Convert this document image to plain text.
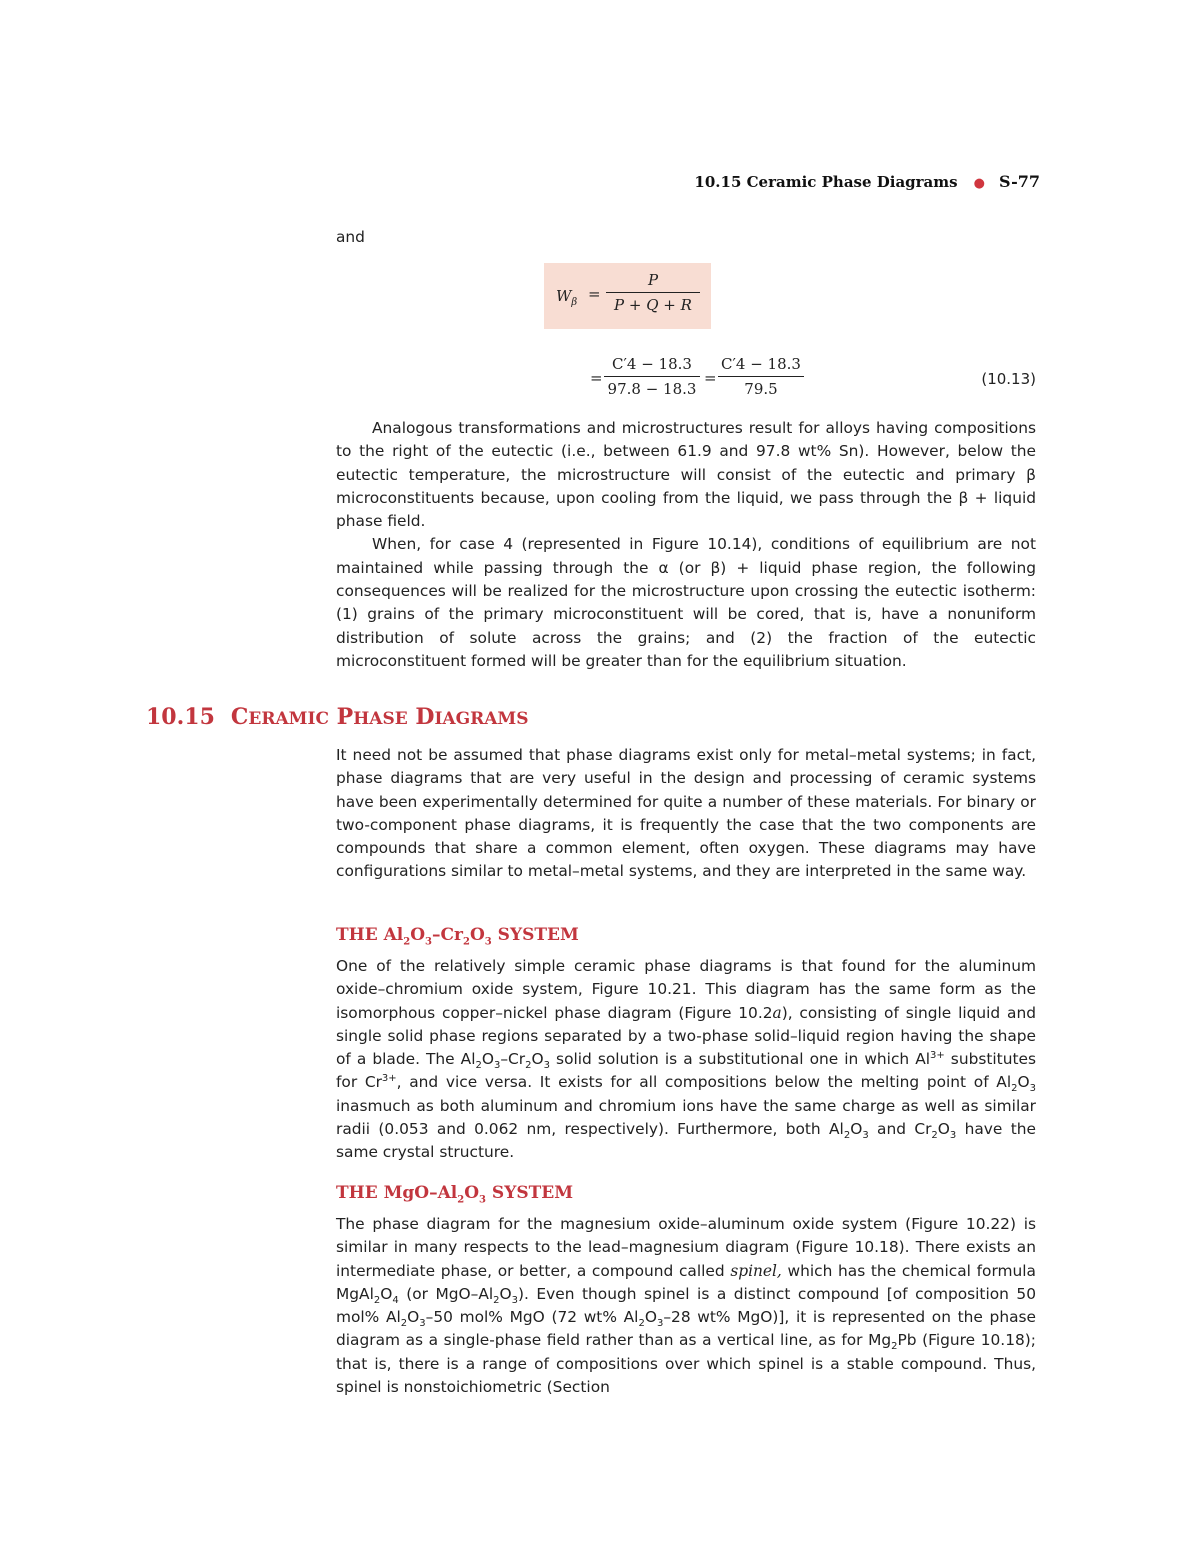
10.15 Ceramic Phase Diagrams ● S-77
and
$W_\beta = \frac{P}{P + Q + R}$
= $\frac{C'4 - 18.3}{97.8 - 18.3} = \frac{C'4 - 18.3}{79.5}$	(10.13)

Analogous transformations and microstructures result for alloys having compositions to the right of the eutectic (i.e., between 61.9 and 97.8 wt% Sn). However, below the eutectic temperature, the microstructure will consist of the eutectic and primary β microconstituents because, upon cooling from the liquid, we pass through the β + liquid phase field.

When, for case 4 (represented in Figure 10.14), conditions of equilibrium are not maintained while passing through the α (or β) + liquid phase region, the following consequences will be realized for the microstructure upon crossing the eutectic isotherm: (1) grains of the primary microconstituent will be cored, that is, have a nonuniform distribution of solute across the grains; and (2) the fraction of the eutectic microconstituent formed will be greater than for the equilibrium situation.

10.15 CERAMIC PHASE DIAGRAMS

It need not be assumed that phase diagrams exist only for metal–metal systems; in fact, phase diagrams that are very useful in the design and processing of ceramic systems have been experimentally determined for quite a number of these materials. For binary or two-component phase diagrams, it is frequently the case that the two components are compounds that share a common element, often oxygen. These diagrams may have configurations similar to metal–metal systems, and they are interpreted in the same way.

THE $Al_2O_3-Cr_2O_3$ SYSTEM

One of the relatively simple ceramic phase diagrams is that found for the aluminum oxide–chromium oxide system, Figure 10.21. This diagram has the same form as the isomorphous copper–nickel phase diagram (Figure 10.2a), consisting of single liquid and single solid phase regions separated by a two-phase solid–liquid region having the shape of a blade. The $Al_2O_3-Cr_2O_3$ solid solution is a substitutional one in which $Al^{3+}$ substitutes for $Cr^{3+}$, and vice versa. It exists for all compositions below the melting point of $Al_2O_3$ inasmuch as both aluminum and chromium ions have the same charge as well as similar radii (0.053 and 0.062 nm, respectively). Furthermore, both $Al_2O_3$ and $Cr_2O_3$ have the same crystal structure.

THE MgO–$Al_2O_3$ SYSTEM

The phase diagram for the magnesium oxide–aluminum oxide system (Figure 10.22) is similar in many respects to the lead–magnesium diagram (Figure 10.18). There exists an intermediate phase, or better, a compound called spinel, which has the chemical formula $MgAl_2O_4$ (or MgO–$Al_2O_3$). Even though spinel is a distinct compound [of composition 50 mol% $Al_2O_3-50$ mol% MgO (72 wt% $Al_2O_3-28$ wt% MgO)], it is represented on the phase diagram as a single-phase field rather than as a vertical line, as for $Mg_2Pb$ (Figure 10.18); that is, there is a range of compositions over which spinel is a stable compound. Thus, spinel is nonstoichiometric (Section
